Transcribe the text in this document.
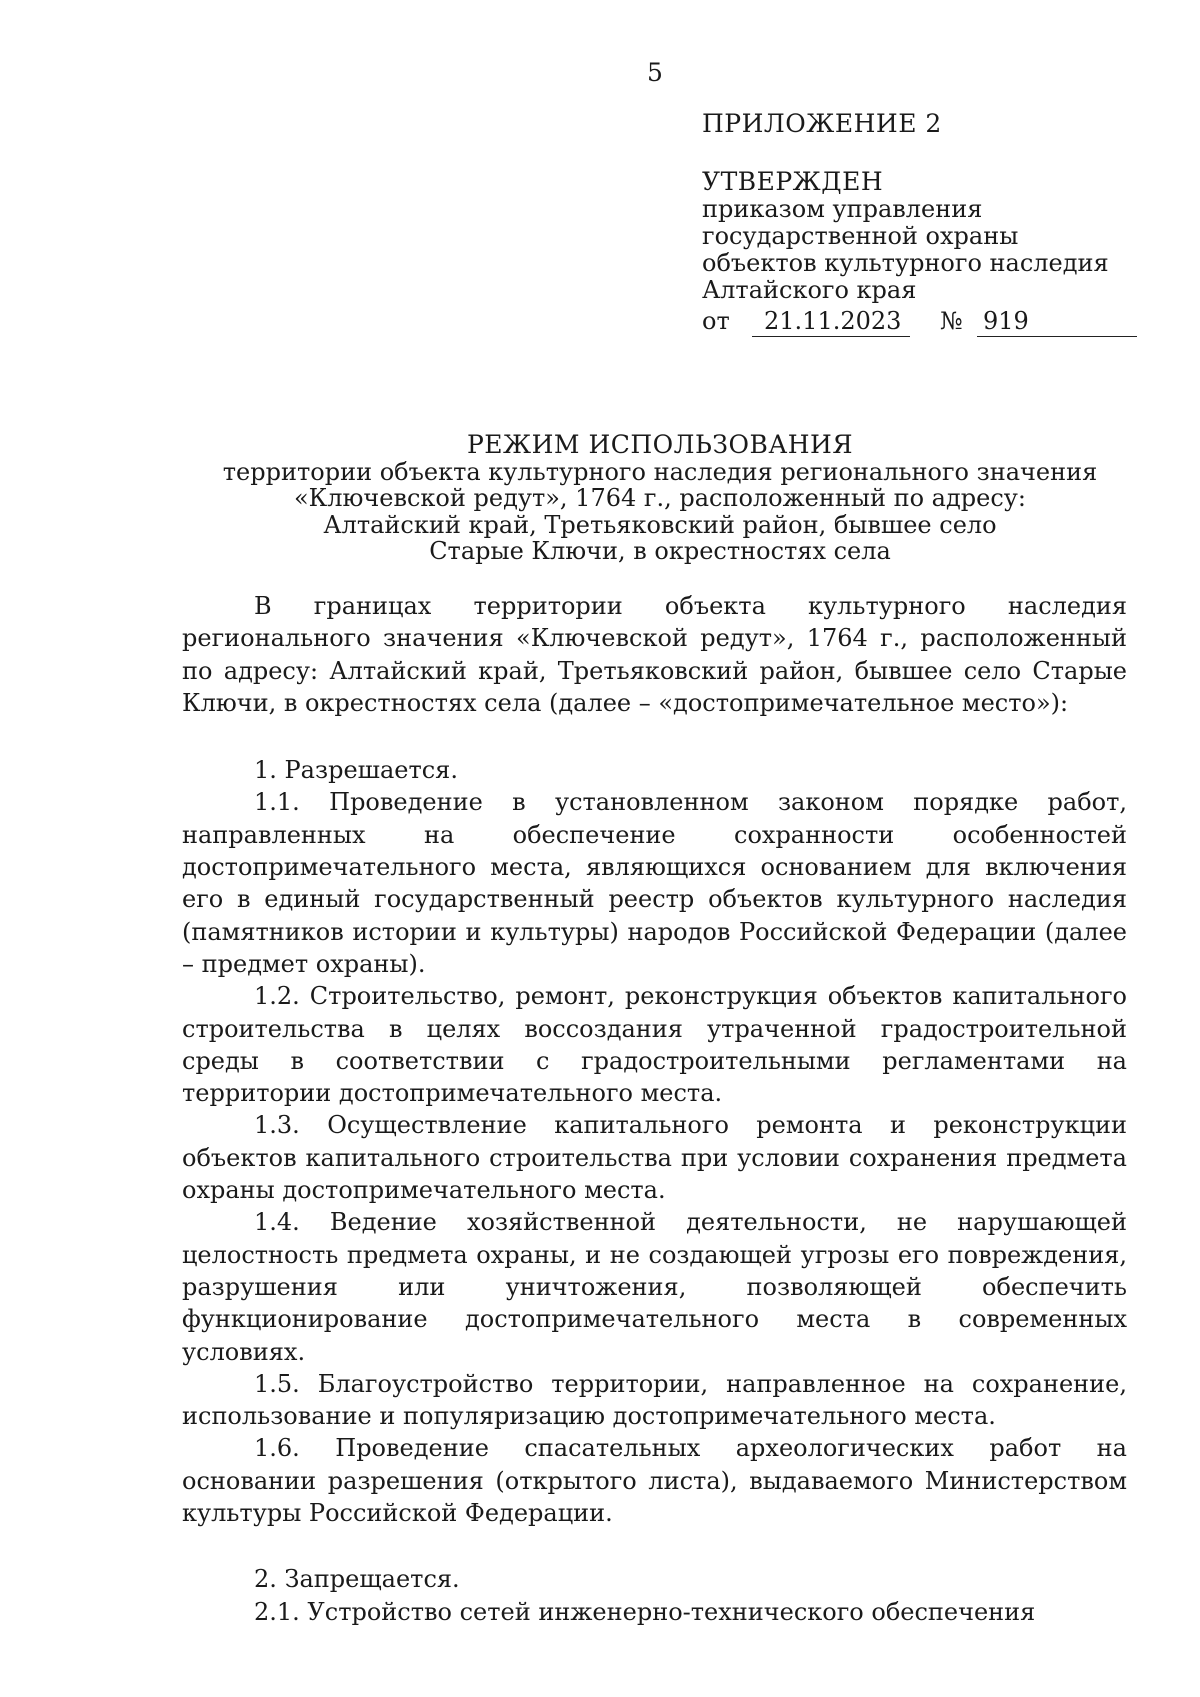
5
ПРИЛОЖЕНИЕ 2
УТВЕРЖДЕН
приказом управления
государственной охраны
объектов культурного наследия
Алтайского края
от 21.11.2023 № 919
РЕЖИМ ИСПОЛЬЗОВАНИЯ
территории объекта культурного наследия регионального значения
«Ключевской редут», 1764 г., расположенный по адресу:
Алтайский край, Третьяковский район, бывшее село
Старые Ключи, в окрестностях села

В границах территории объекта культурного наследия регионального значения «Ключевской редут», 1764 г., расположенный по адресу: Алтайский край, Третьяковский район, бывшее село Старые Ключи, в окрестностях села (далее – «достопримечательное место»):

1. Разрешается.

1.1. Проведение в установленном законом порядке работ, направленных на обеспечение сохранности особенностей достопримечательного места, являющихся основанием для включения его в единый государственный реестр объектов культурного наследия (памятников истории и культуры) народов Российской Федерации (далее – предмет охраны).

1.2. Строительство, ремонт, реконструкция объектов капитального строительства в целях воссоздания утраченной градостроительной среды в соответствии с градостроительными регламентами на территории достопримечательного места.

1.3. Осуществление капитального ремонта и реконструкции объектов капитального строительства при условии сохранения предмета охраны достопримечательного места.

1.4. Ведение хозяйственной деятельности, не нарушающей целостность предмета охраны, и не создающей угрозы его повреждения, разрушения или уничтожения, позволяющей обеспечить функционирование достопримечательного места в современных условиях.

1.5. Благоустройство территории, направленное на сохранение, использование и популяризацию достопримечательного места.

1.6. Проведение спасательных археологических работ на основании разрешения (открытого листа), выдаваемого Министерством культуры Российской Федерации.

2. Запрещается.

2.1. Устройство сетей инженерно-технического обеспечения
